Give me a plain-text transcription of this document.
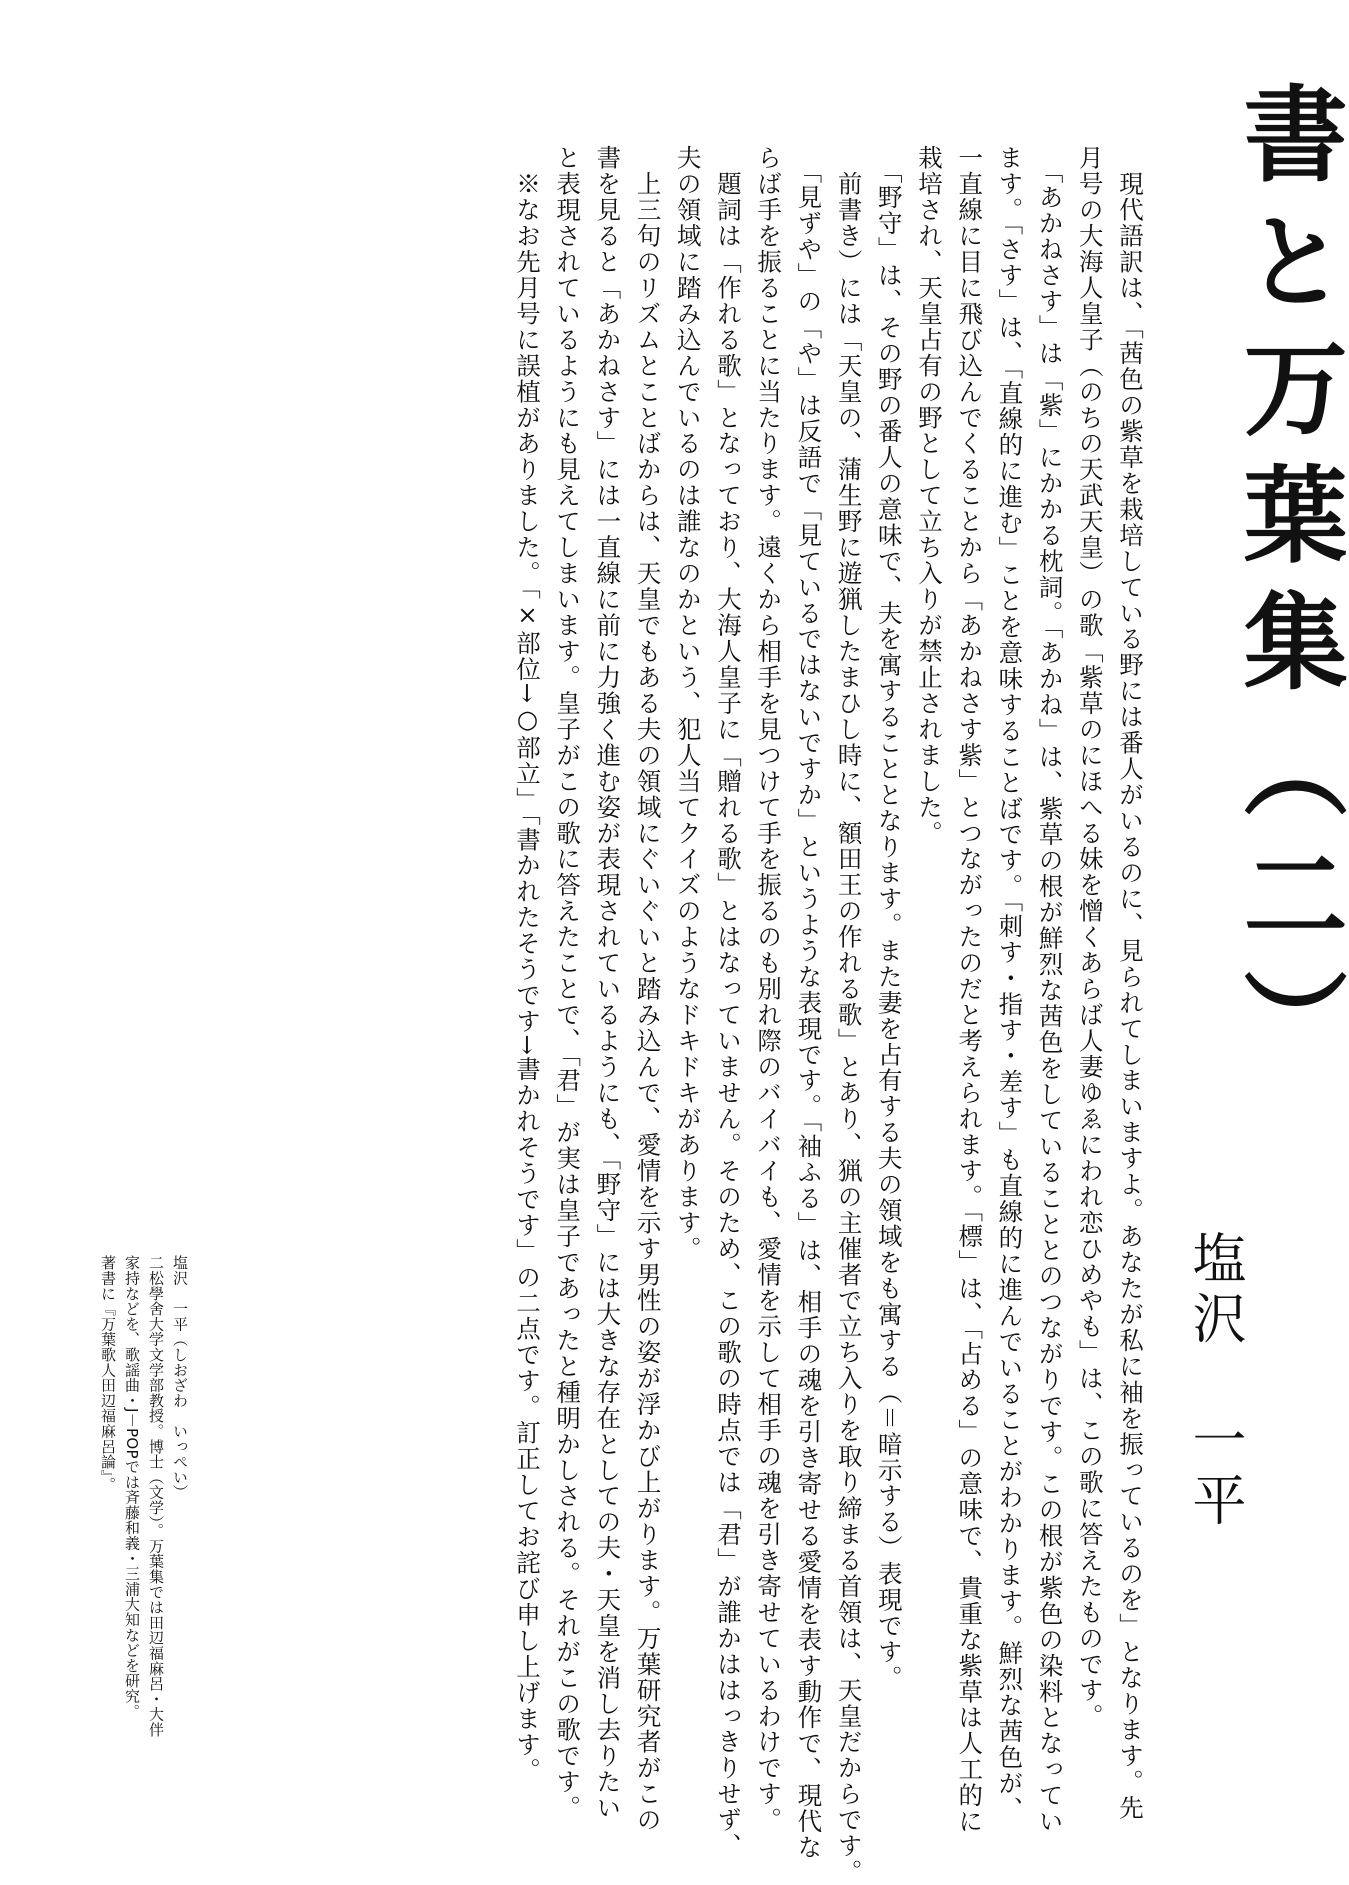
書と万葉集（二）
塩沢　一平
　現代語訳は、「茜色の紫草を栽培している野には番人がいるのに、見られてしまいますよ。あなたが私に袖を振っているのを」となります。先
月号の大海人皇子（のちの天武天皇）の歌「紫草のにほへる妹を憎くあらば人妻ゆゑにわれ恋ひめやも」は、この歌に答えたものです。
　「あかねさす」は「紫」にかかる枕詞。「あかね」は、紫草の根が鮮烈な茜色をしていることとのつながりです。この根が紫色の染料となってい
ます。「さす」は、「直線的に進む」ことを意味することばです。「刺す・指す・差す」も直線的に進んでいることがわかります。鮮烈な茜色が、
一直線に目に飛び込んでくることから「あかねさす紫」とつながったのだと考えられます。「標」は、「占める」の意味で、貴重な紫草は人工的に
栽培され、天皇占有の野として立ち入りが禁止されました。
　「野守」は、その野の番人の意味で、夫を寓することとなります。また妻を占有する夫の領域をも寓する（＝暗示する）表現です。
　前書き）には「天皇の、蒲生野に遊猟したまひし時に、額田王の作れる歌」とあり、猟の主催者で立ち入りを取り締まる首領は、天皇だからです。
　「見ずや」の「や」は反語で「見ているではないですか」というような表現です。「袖ふる」は、相手の魂を引き寄せる愛情を表す動作で、現代な
らば手を振ることに当たります。遠くから相手を見つけて手を振るのも別れ際のバイバイも、愛情を示して相手の魂を引き寄せているわけです。
　題詞は「作れる歌」となっており、大海人皇子に「贈れる歌」とはなっていません。そのため、この歌の時点では「君」が誰かははっきりせず、
夫の領域に踏み込んでいるのは誰なのかという、犯人当てクイズのようなドキドキがあります。
　上三句のリズムとことばからは、天皇でもある夫の領域にぐいぐいと踏み込んで、愛情を示す男性の姿が浮かび上がります。万葉研究者がこの
書を見ると「あかねさす」には一直線に前に力強く進む姿が表現されているようにも、「野守」には大きな存在としての夫・天皇を消し去りたい
と表現されているようにも見えてしまいます。皇子がこの歌に答えたことで、「君」が実は皇子であったと種明かしされる。それがこの歌です。
　※なお先月号に誤植がありました。「×部位→○部立」「書かれたそうです→書かれそうです」の二点です。訂正してお詫び申し上げます。
塩沢　一平（しおざわ　いっぺい）
二松學舍大学文学部教授。博士（文学）。万葉集では田辺福麻呂・大伴
家持などを、歌謡曲・J－POPでは斉藤和義・三浦大知などを研究。
著書に『万葉歌人田辺福麻呂論』。
